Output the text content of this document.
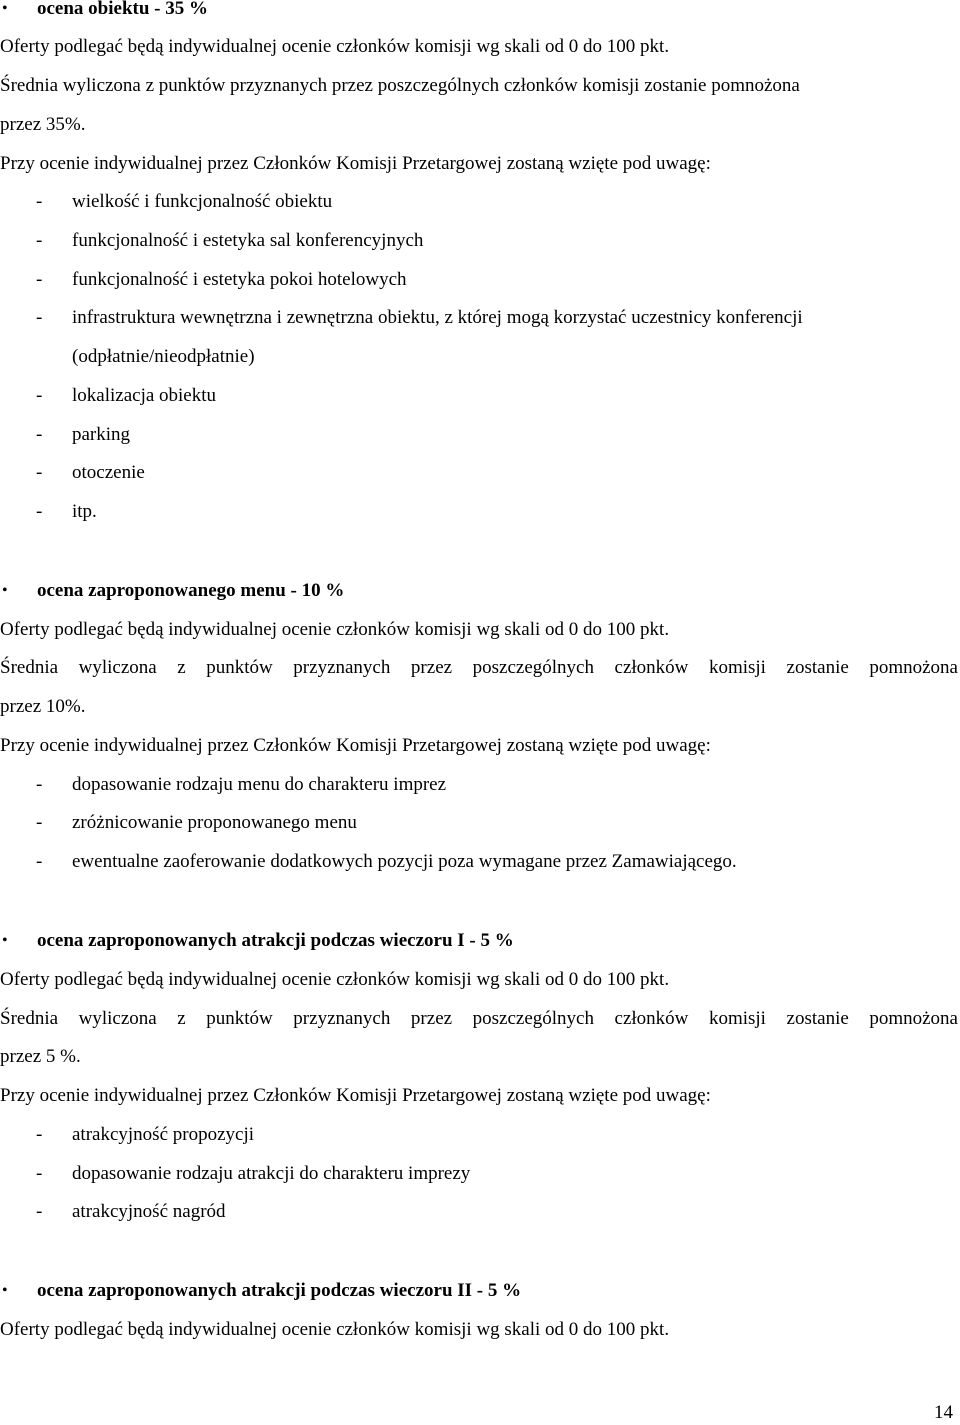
• ocena obiektu - 35 %
Oferty podlegać będą indywidualnej ocenie członków komisji wg skali od 0 do 100 pkt.
Średnia wyliczona z punktów przyznanych przez poszczególnych członków komisji zostanie pomnożona
przez 35%.
Przy ocenie indywidualnej przez Członków Komisji Przetargowej zostaną wzięte pod uwagę:
- wielkość i funkcjonalność obiektu
- funkcjonalność i estetyka sal konferencyjnych
- funkcjonalność i estetyka pokoi hotelowych
- infrastruktura wewnętrzna i zewnętrzna obiektu, z której mogą korzystać uczestnicy konferencji
(odpłatnie/nieodpłatnie)
- lokalizacja obiektu
- parking
- otoczenie
- itp.
• ocena zaproponowanego menu - 10 %
Oferty podlegać będą indywidualnej ocenie członków komisji wg skali od 0 do 100 pkt.
Średnia wyliczona z punktów przyznanych przez poszczególnych członków komisji zostanie pomnożona
przez 10%.
Przy ocenie indywidualnej przez Członków Komisji Przetargowej zostaną wzięte pod uwagę:
- dopasowanie rodzaju menu do charakteru imprez
- zróżnicowanie proponowanego menu
- ewentualne zaoferowanie dodatkowych pozycji poza wymagane przez Zamawiającego.
• ocena zaproponowanych atrakcji podczas wieczoru I - 5 %
Oferty podlegać będą indywidualnej ocenie członków komisji wg skali od 0 do 100 pkt.
Średnia wyliczona z punktów przyznanych przez poszczególnych członków komisji zostanie pomnożona
przez 5 %.
Przy ocenie indywidualnej przez Członków Komisji Przetargowej zostaną wzięte pod uwagę:
- atrakcyjność propozycji
- dopasowanie rodzaju atrakcji do charakteru imprezy
- atrakcyjność nagród
• ocena zaproponowanych atrakcji podczas wieczoru II - 5 %
Oferty podlegać będą indywidualnej ocenie członków komisji wg skali od 0 do 100 pkt.
14
